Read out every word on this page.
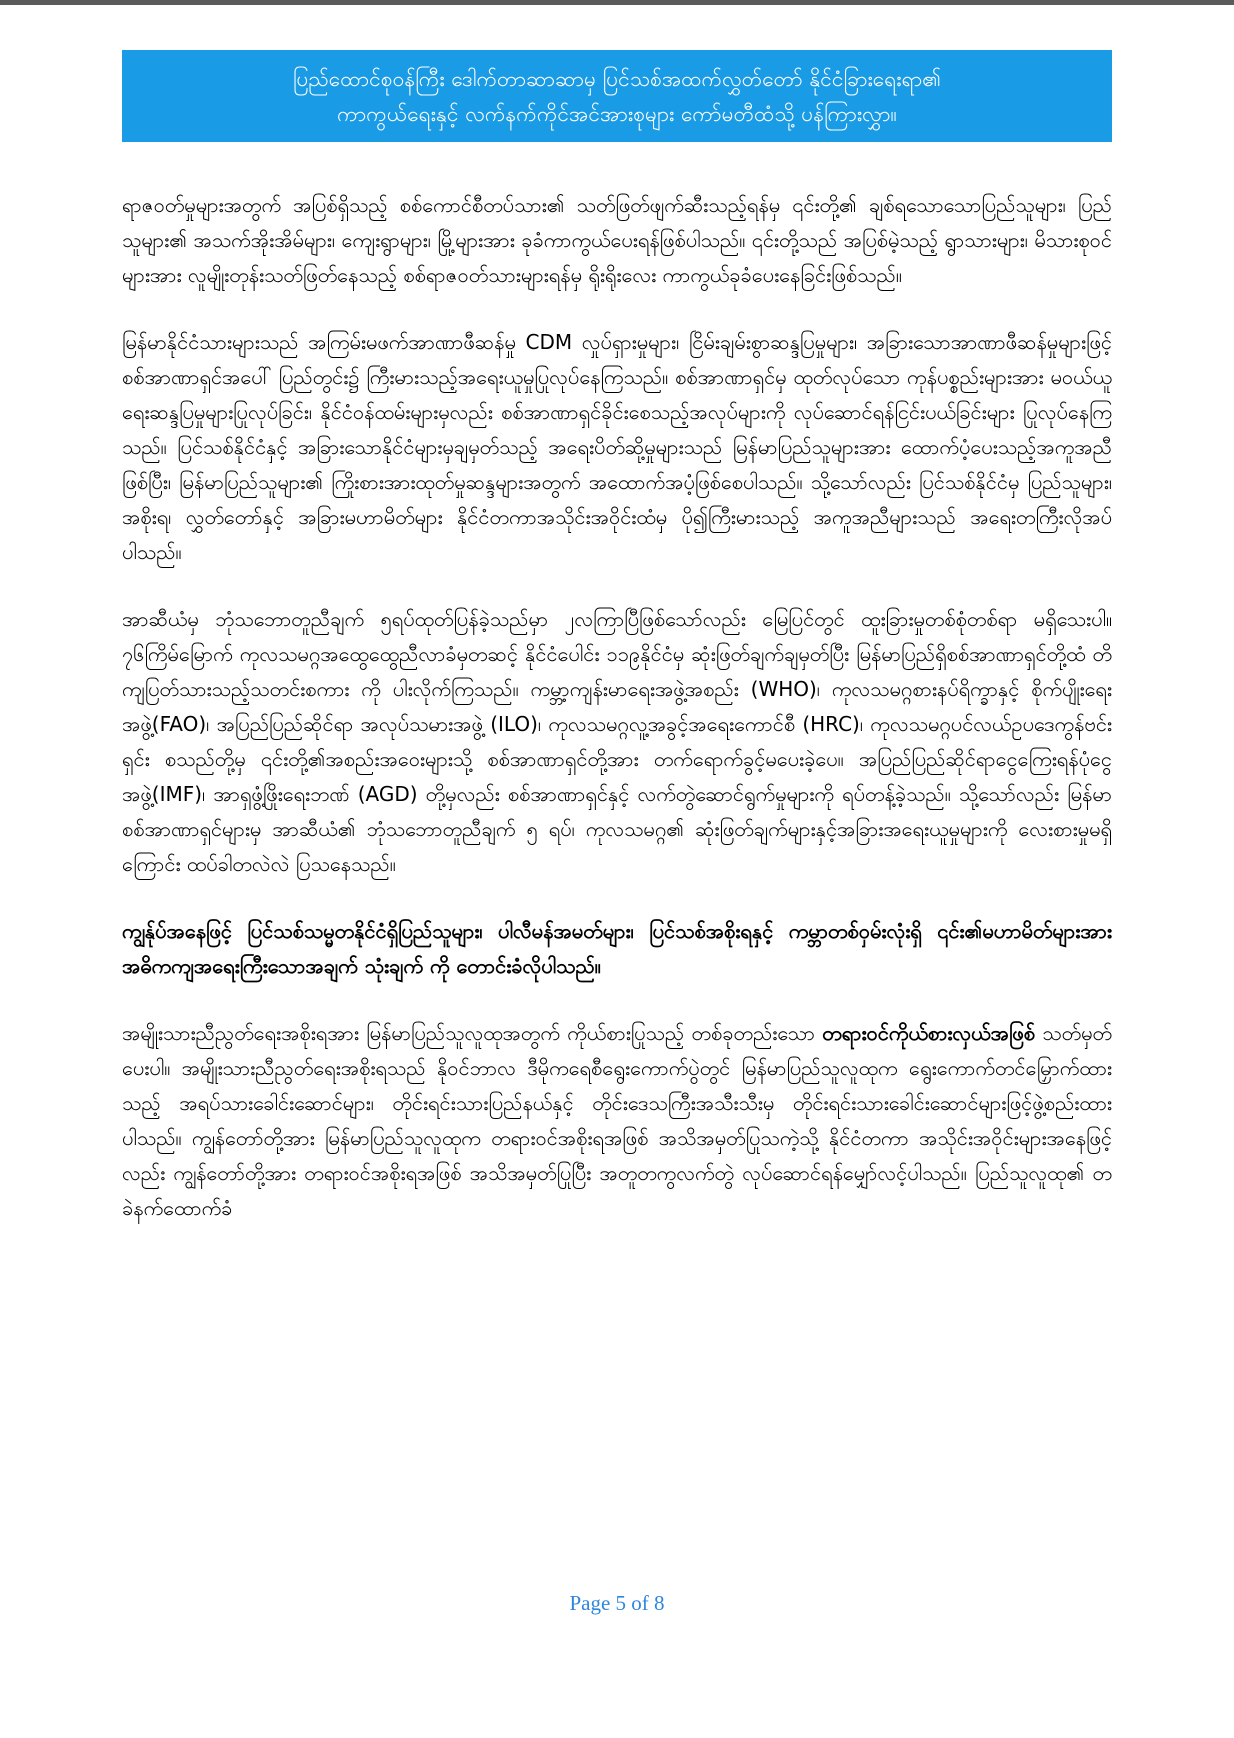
ပြည်ထောင်စုဝန်ကြီး ဒေါက်တာဆာဆာမှ ပြင်သစ်အထက်လွှတ်တော် နိုင်ငံခြားရေးရာ၏
ကာကွယ်ရေးနှင့် လက်နက်ကိုင်အင်အားစုများ ကော်မတီထံသို့ ပန်ကြားလွှာ။

ရာဇဝတ်မှုများအတွက် အပြစ်ရှိသည့် စစ်ကောင်စီတပ်သား၏ သတ်ဖြတ်ဖျက်ဆီးသည့်ရန်မှ ၎င်းတို့၏ ချစ်ရသောသောပြည်သူများ၊ ပြည်သူများ၏ အသက်အိုးအိမ်များ၊ ကျေးရွာများ၊ မြို့များအား ခုခံကာကွယ်ပေးရန်ဖြစ်ပါသည်။ ၎င်းတို့သည် အပြစ်မဲ့သည့် ရွာသားများ၊ မိသားစုဝင်များအား လူမျိုးတုန်းသတ်ဖြတ်နေသည့် စစ်ရာဇဝတ်သားများရန်မှ ရိုးရိုးလေး ကာကွယ်ခုခံပေးနေခြင်းဖြစ်သည်။

မြန်မာနိုင်ငံသားများသည် အကြမ်းမဖက်အာဏာဖီဆန်မှု CDM လှုပ်ရှားမှုများ၊ ငြိမ်းချမ်းစွာဆန္ဒပြမှုများ၊ အခြားသောအာဏာဖီဆန်မှုများဖြင့် စစ်အာဏာရှင်အပေါ် ပြည်တွင်း၌ ကြီးမားသည့်အရေးယူမှုပြုလုပ်နေကြသည်။ စစ်အာဏာရှင်မှ ထုတ်လုပ်သော ကုန်ပစ္စည်းများအား မဝယ်ယူရေးဆန္ဒပြမှုများပြုလုပ်ခြင်း၊ နိုင်ငံဝန်ထမ်းများမှလည်း စစ်အာဏာရှင်ခိုင်းစေသည့်အလုပ်များကို လုပ်ဆောင်ရန်ငြင်းပယ်ခြင်းများ ပြုလုပ်နေကြသည်။ ပြင်သစ်နိုင်ငံနှင့် အခြားသောနိုင်ငံများမှချမှတ်သည့် အရေးပိတ်ဆို့မှုများသည် မြန်မာပြည်သူများအား ထောက်ပံ့ပေးသည့်အကူအညီဖြစ်ပြီး၊ မြန်မာပြည်သူများ၏ ကြိုးစားအားထုတ်မှုဆန္ဒများအတွက် အထောက်အပံ့ဖြစ်စေပါသည်။ သို့သော်လည်း ပြင်သစ်နိုင်ငံမှ ပြည်သူများ၊ အစိုးရ၊ လွှတ်တော်နှင့် အခြားမဟာမိတ်များ နိုင်ငံတကာအသိုင်းအဝိုင်းထံမှ ပို၍ကြီးမားသည့် အကူအညီများသည် အရေးတကြီးလိုအပ်ပါသည်။

အာဆီယံမှ ဘုံသဘောတူညီချက် ၅ရပ်ထုတ်ပြန်ခဲ့သည်မှာ ၂လကြာပြီဖြစ်သော်လည်း မြေပြင်တွင် ထူးခြားမှုတစ်စုံတစ်ရာ မရှိသေးပါ။ ၇၆ကြိမ်မြောက် ကုလသမဂ္ဂအထွေထွေညီလာခံမှတဆင့် နိုင်ငံပေါင်း ၁၁၉နိုင်ငံမှ ဆုံးဖြတ်ချက်ချမှတ်ပြီး မြန်မာပြည်ရှိစစ်အာဏာရှင်တို့ထံ တိကျပြတ်သားသည့်သတင်းစကား ကို ပါးလိုက်ကြသည်။ ကမ္ဘာ့ကျန်းမာရေးအဖွဲ့အစည်း (WHO)၊ ကုလသမဂ္ဂစားနပ်ရိက္ခာနှင့် စိုက်ပျိုးရေးအဖွဲ့(FAO)၊ အပြည်ပြည်ဆိုင်ရာ အလုပ်သမားအဖွဲ့ (ILO)၊ ကုလသမဂ္ဂလူ့အခွင့်အရေးကောင်စီ (HRC)၊ ကုလသမဂ္ဂပင်လယ်ဥပဒေကွန်ဗင်းရှင်း စသည်တို့မှ ၎င်းတို့၏အစည်းအဝေးများသို့ စစ်အာဏာရှင်တို့အား တက်ရောက်ခွင့်မပေးခဲ့ပေ။ အပြည်ပြည်ဆိုင်ရာငွေကြေးရန်ပုံငွေအဖွဲ့(IMF)၊ အာရှဖွံ့ဖြိုးရေးဘဏ် (AGD) တို့မှလည်း စစ်အာဏာရှင်နှင့် လက်တွဲဆောင်ရွက်မှုများကို ရပ်တန့်ခဲ့သည်။ သို့သော်လည်း မြန်မာစစ်အာဏာရှင်များမှ အာဆီယံ၏ ဘုံသဘောတူညီချက် ၅ ရပ်၊ ကုလသမဂ္ဂ၏ ဆုံးဖြတ်ချက်များနှင့်အခြားအရေးယူမှုများကို လေးစားမှုမရှိကြောင်း ထပ်ခါတလဲလဲ ပြသနေသည်။

ကျွန်ုပ်အနေဖြင့် ပြင်သစ်သမ္မတနိုင်ငံရှိပြည်သူများ၊ ပါလီမန်အမတ်များ၊ ပြင်သစ်အစိုးရနှင့် ကမ္ဘာတစ်ဝှမ်းလုံးရှိ ၎င်း၏မဟာမိတ်များအား အဓိကကျအရေးကြီးသောအချက် သုံးချက် ကို တောင်းခံလိုပါသည်။

အမျိုးသားညီညွတ်ရေးအစိုးရအား မြန်မာပြည်သူလူထုအတွက် ကိုယ်စားပြုသည့် တစ်ခုတည်းသော တရားဝင်ကိုယ်စားလှယ်အဖြစ် သတ်မှတ်ပေးပါ။ အမျိုးသားညီညွတ်ရေးအစိုးရသည် နိုဝင်ဘာလ ဒီမိုကရေစီရွေးကောက်ပွဲတွင် မြန်မာပြည်သူလူထုက ရွေးကောက်တင်မြှောက်ထားသည့် အရပ်သားခေါင်းဆောင်များ၊ တိုင်းရင်းသားပြည်နယ်နှင့် တိုင်းဒေသကြီးအသီးသီးမှ တိုင်းရင်းသားခေါင်းဆောင်များဖြင့်ဖွဲ့စည်းထားပါသည်။ ကျွန်တော်တို့အား မြန်မာပြည်သူလူထုက တရားဝင်အစိုးရအဖြစ် အသိအမှတ်ပြုသကဲ့သို့ နိုင်ငံတကာ အသိုင်းအဝိုင်းများအနေဖြင့်လည်း ကျွန်တော်တို့အား တရားဝင်အစိုးရအဖြစ် အသိအမှတ်ပြုပြီး အတူတကွလက်တွဲ လုပ်ဆောင်ရန်မျှော်လင့်ပါသည်။ ပြည်သူလူထု၏ တခဲနက်ထောက်ခံ

Page 5 of 8
